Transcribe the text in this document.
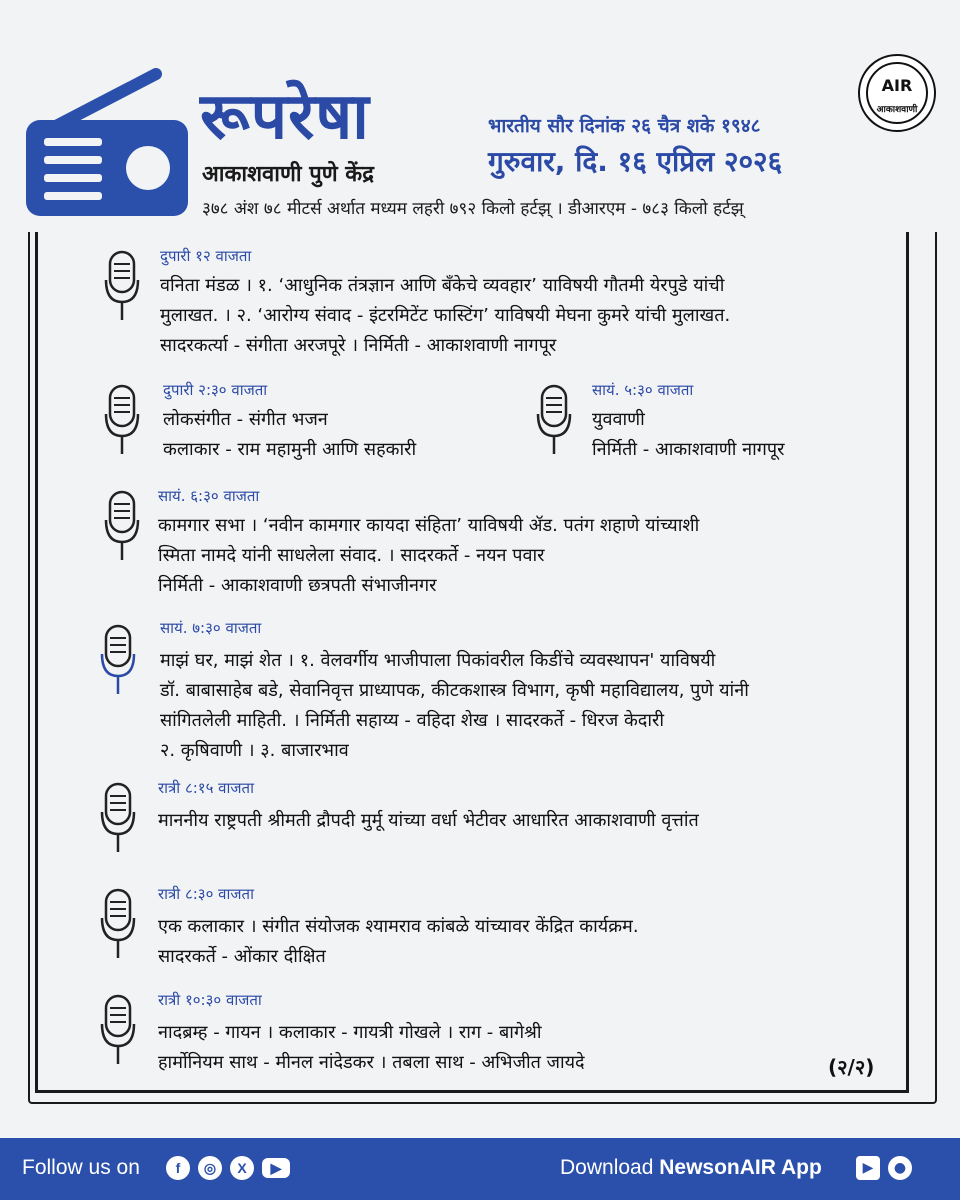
रूपरेषा
आकाशवाणी पुणे केंद्र
३७८ अंश ७८ मीटर्स अर्थात मध्यम लहरी ७९२ किलो हर्टझ् । डीआरएम - ७८३ किलो हर्टझ्
भारतीय सौर दिनांक २६ चैत्र शके १९४८
गुरुवार, दि. १६ एप्रिल २०२६
AIR
आकाशवाणी
दुपारी १२ वाजता
वनिता मंडळ । १. ‘आधुनिक तंत्रज्ञान आणि बँकेचे व्यवहार’ याविषयी गौतमी येरपुडे यांची
मुलाखत. । २. ‘आरोग्य संवाद - इंटरमिटेंट फास्टिंग’ याविषयी मेघना कुमरे यांची मुलाखत.
सादरकर्त्या - संगीता अरजपूरे । निर्मिती - आकाशवाणी नागपूर
दुपारी २:३० वाजता
लोकसंगीत - संगीत भजन
कलाकार - राम महामुनी आणि सहकारी
सायं. ५:३० वाजता
युववाणी
निर्मिती - आकाशवाणी नागपूर
सायं. ६:३० वाजता
कामगार सभा । ‘नवीन कामगार कायदा संहिता’ याविषयी ॲड. पतंग शहाणे यांच्याशी
स्मिता नामदे यांनी साधलेला संवाद. । सादरकर्ते - नयन पवार
निर्मिती - आकाशवाणी छत्रपती संभाजीनगर
सायं. ७:३० वाजता
माझं घर, माझं शेत । १. वेलवर्गीय भाजीपाला पिकांवरील किडींचे व्यवस्थापन' याविषयी
डॉ. बाबासाहेब बडे, सेवानिवृत्त प्राध्यापक, कीटकशास्त्र विभाग, कृषी महाविद्यालय, पुणे यांनी
सांगितलेली माहिती. । निर्मिती सहाय्य - वहिदा शेख । सादरकर्ते - धिरज केदारी
२. कृषिवाणी । ३. बाजारभाव
रात्री ८:१५ वाजता
माननीय राष्ट्रपती श्रीमती द्रौपदी मुर्मू यांच्या वर्धा भेटीवर आधारित आकाशवाणी वृत्तांत
रात्री ८:३० वाजता
एक कलाकार । संगीत संयोजक श्यामराव कांबळे यांच्यावर केंद्रित कार्यक्रम.
सादरकर्ते - ओंकार दीक्षित
रात्री १०:३० वाजता
नादब्रम्ह - गायन । कलाकार - गायत्री गोखले । राग - बागेश्री
हार्मोनियम साथ - मीनल नांदेडकर । तबला साथ - अभिजीत जायदे	(२/२)
Follow us on	f	◎	X	▶	Download NewsonAIR App	▶	●
